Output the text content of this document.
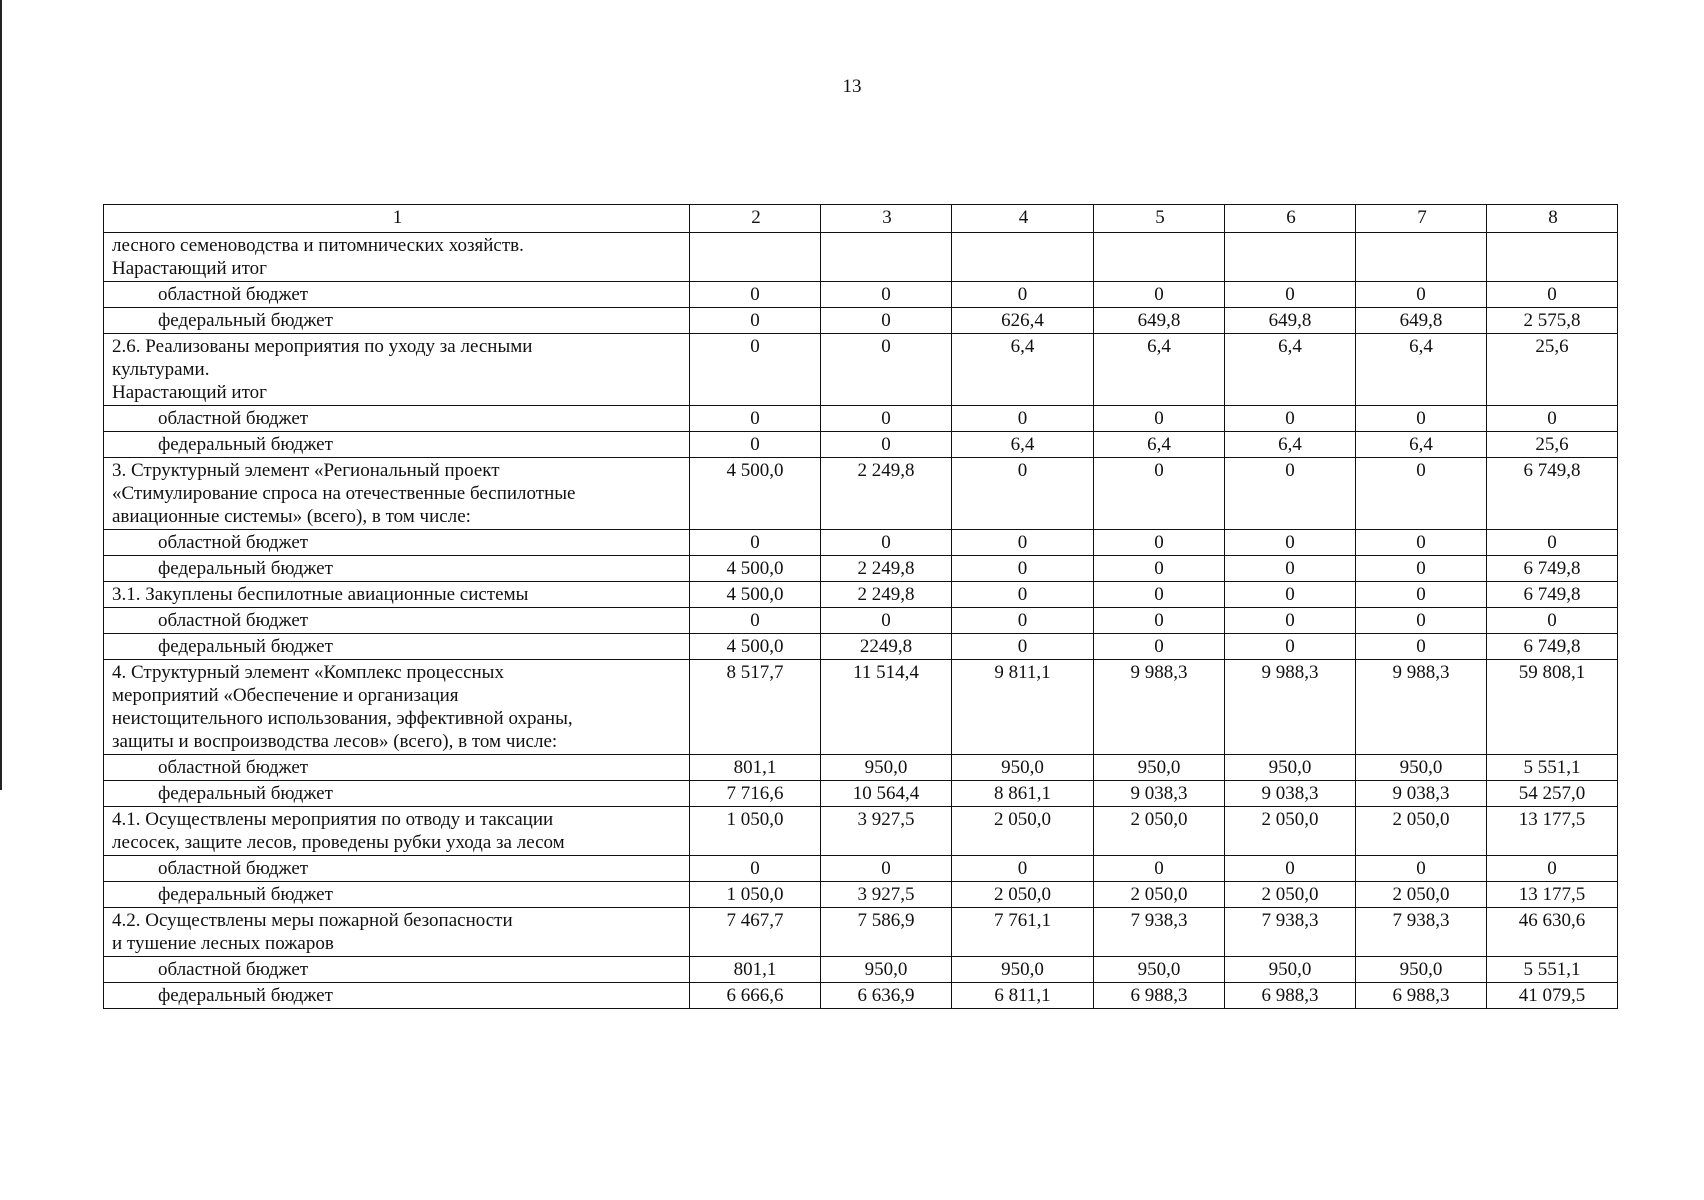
13
1	2	3	4	5	6	7	8

лесного семеноводства и питомнических хозяйств.
Нарастающий итог							

областной бюджет	0	0	0	0	0	0	0

федеральный бюджет	0	0	626,4	649,8	649,8	649,8	2 575,8

2.6. Реализованы мероприятия по уходу за лесными
культурами.
Нарастающий итог	0	0	6,4	6,4	6,4	6,4	25,6

областной бюджет	0	0	0	0	0	0	0

федеральный бюджет	0	0	6,4	6,4	6,4	6,4	25,6

3. Структурный элемент «Региональный проект
«Стимулирование спроса на отечественные беспилотные
авиационные системы» (всего), в том числе:	4 500,0	2 249,8	0	0	0	0	6 749,8

областной бюджет	0	0	0	0	0	0	0

федеральный бюджет	4 500,0	2 249,8	0	0	0	0	6 749,8

3.1. Закуплены беспилотные авиационные системы	4 500,0	2 249,8	0	0	0	0	6 749,8

областной бюджет	0	0	0	0	0	0	0

федеральный бюджет	4 500,0	2249,8	0	0	0	0	6 749,8

4. Структурный элемент «Комплекс процессных
мероприятий «Обеспечение и организация
неистощительного использования, эффективной охраны,
защиты и воспроизводства лесов» (всего), в том числе:	8 517,7	11 514,4	9 811,1	9 988,3	9 988,3	9 988,3	59 808,1

областной бюджет	801,1	950,0	950,0	950,0	950,0	950,0	5 551,1

федеральный бюджет	7 716,6	10 564,4	8 861,1	9 038,3	9 038,3	9 038,3	54 257,0

4.1. Осуществлены мероприятия по отводу и таксации
лесосек, защите лесов, проведены рубки ухода за лесом	1 050,0	3 927,5	2 050,0	2 050,0	2 050,0	2 050,0	13 177,5

областной бюджет	0	0	0	0	0	0	0

федеральный бюджет	1 050,0	3 927,5	2 050,0	2 050,0	2 050,0	2 050,0	13 177,5

4.2. Осуществлены меры пожарной безопасности
и тушение лесных пожаров	7 467,7	7 586,9	7 761,1	7 938,3	7 938,3	7 938,3	46 630,6

областной бюджет	801,1	950,0	950,0	950,0	950,0	950,0	5 551,1

федеральный бюджет	6 666,6	6 636,9	6 811,1	6 988,3	6 988,3	6 988,3	41 079,5
